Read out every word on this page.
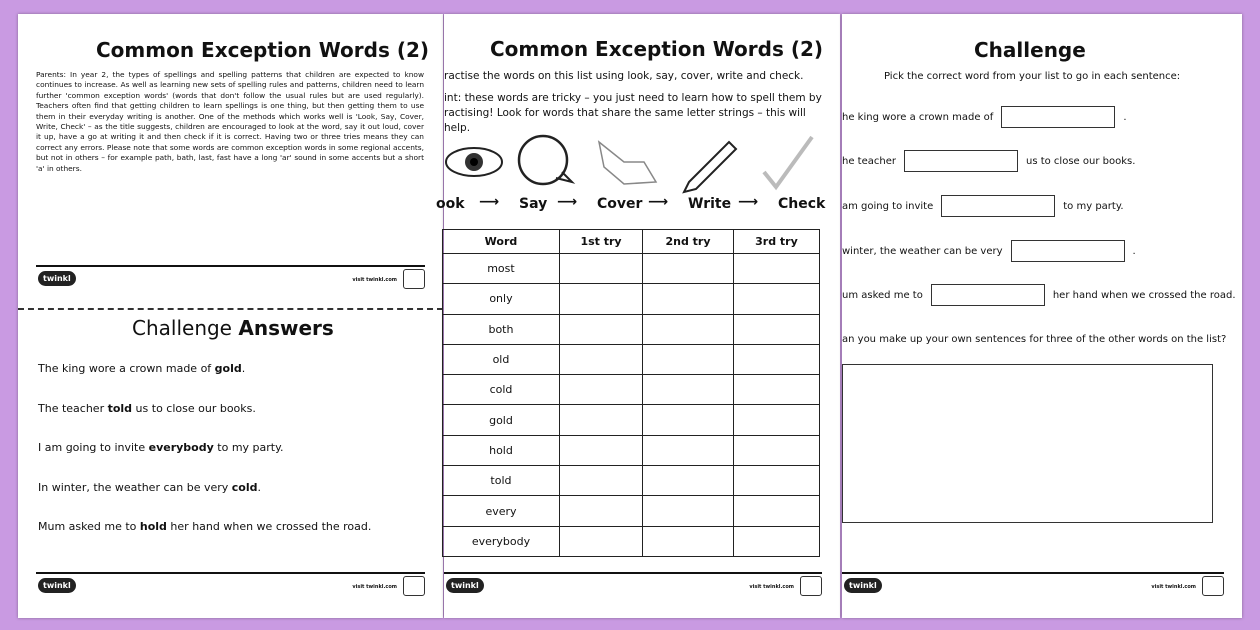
Common Exception Words (2)

Parents: In year 2, the types of spellings and spelling patterns that children are expected to know continues to increase. As well as learning new sets of spelling rules and patterns, children need to learn further 'common exception words' (words that don't follow the usual rules but are used regularly). Teachers often find that getting children to learn spellings is one thing, but then getting them to use them in their everyday writing is another. One of the methods which works well is 'Look, Say, Cover, Write, Check' – as the title suggests, children are encouraged to look at the word, say it out loud, cover it up, have a go at writing it and then check if it is correct. Having two or three tries means they can correct any errors. Please note that some words are common exception words in some regional accents, but not in others – for example path, bath, last, fast have a long 'ar' sound in some accents but a short 'a' in others.

twinkl	visit twinkl.com
Challenge Answers

The king wore a crown made of gold.

The teacher told us to close our books.

I am going to invite everybody to my party.

In winter, the weather can be very cold.

Mum asked me to hold her hand when we crossed the road.

twinkl	visit twinkl.com
Common Exception Words (2)

ractise the words on this list using look, say, cover, write and check.

int: these words are tricky – you just need to learn how to spell them by ractising! Look for words that share the same letter strings – this will help.

ook ⟶ Say ⟶ Cover ⟶ Write ⟶ Check
Word	1st try	2nd try	3rd try
most			
only			
both			
old			
cold			
gold			
hold			
told			
every			
everybody			
twinkl	visit twinkl.com
Challenge

Pick the correct word from your list to go in each sentence:

he king wore a crown made of	.

he teacher	us to close our books.

am going to invite	to my party.

winter, the weather can be very	.

um asked me to	her hand when we crossed the road.

an you make up your own sentences for three of the other words on the list?

twinkl	visit twinkl.com
